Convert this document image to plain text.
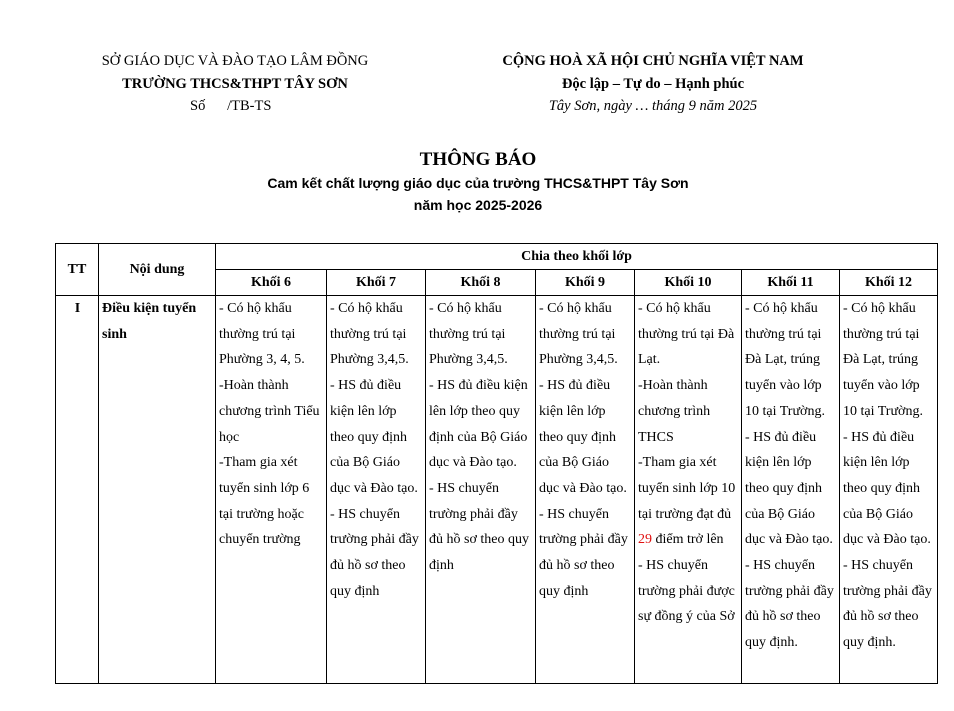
SỞ GIÁO DỤC VÀ ĐÀO TẠO LÂM ĐỒNG
TRƯỜNG THCS&THPT TÂY SƠN
Số /TB-TS
CỘNG HOÀ XÃ HỘI CHỦ NGHĨA VIỆT NAM
Độc lập – Tự do – Hạnh phúc
Tây Sơn, ngày … tháng 9 năm 2025
THÔNG BÁO
Cam kết chất lượng giáo dục của trường THCS&THPT Tây Sơn
năm học 2025-2026
TT	Nội dung	Chia theo khối lớp						
		Khối 6	Khối 7	Khối 8	Khối 9	Khối 10	Khối 11	Khối 12

I	Điều kiện tuyển sinh	- Có hộ khẩu thường trú tại Phường 3, 4, 5.
-Hoàn thành chương trình Tiểu học
-Tham gia xét tuyển sinh lớp 6 tại trường hoặc chuyển trường	- Có hộ khẩu thường trú tại Phường 3,4,5.
- HS đủ điều kiện lên lớp theo quy định của Bộ Giáo dục và Đào tạo.
- HS chuyển trường phải đầy đủ hồ sơ theo quy định	- Có hộ khẩu thường trú tại Phường 3,4,5.
- HS đủ điều kiện lên lớp theo quy định của Bộ Giáo dục và Đào tạo.
- HS chuyển trường phải đầy đủ hồ sơ theo quy định	- Có hộ khẩu thường trú tại Phường 3,4,5.
- HS đủ điều kiện lên lớp theo quy định của Bộ Giáo dục và Đào tạo.
- HS chuyển trường phải đầy đủ hồ sơ theo quy định	- Có hộ khẩu thường trú tại Đà Lạt.
-Hoàn thành chương trình THCS
-Tham gia xét tuyển sinh lớp 10 tại trường đạt đủ 29 điểm trở lên
- HS chuyển trường phải được sự đồng ý của Sở	- Có hộ khẩu thường trú tại Đà Lạt, trúng tuyển vào lớp 10 tại Trường.
- HS đủ điều kiện lên lớp theo quy định của Bộ Giáo dục và Đào tạo.
- HS chuyển trường phải đầy đủ hồ sơ theo quy định.	- Có hộ khẩu thường trú tại Đà Lạt, trúng tuyển vào lớp 10 tại Trường.
- HS đủ điều kiện lên lớp theo quy định của Bộ Giáo dục và Đào tạo.
- HS chuyển trường phải đầy đủ hồ sơ theo quy định.
